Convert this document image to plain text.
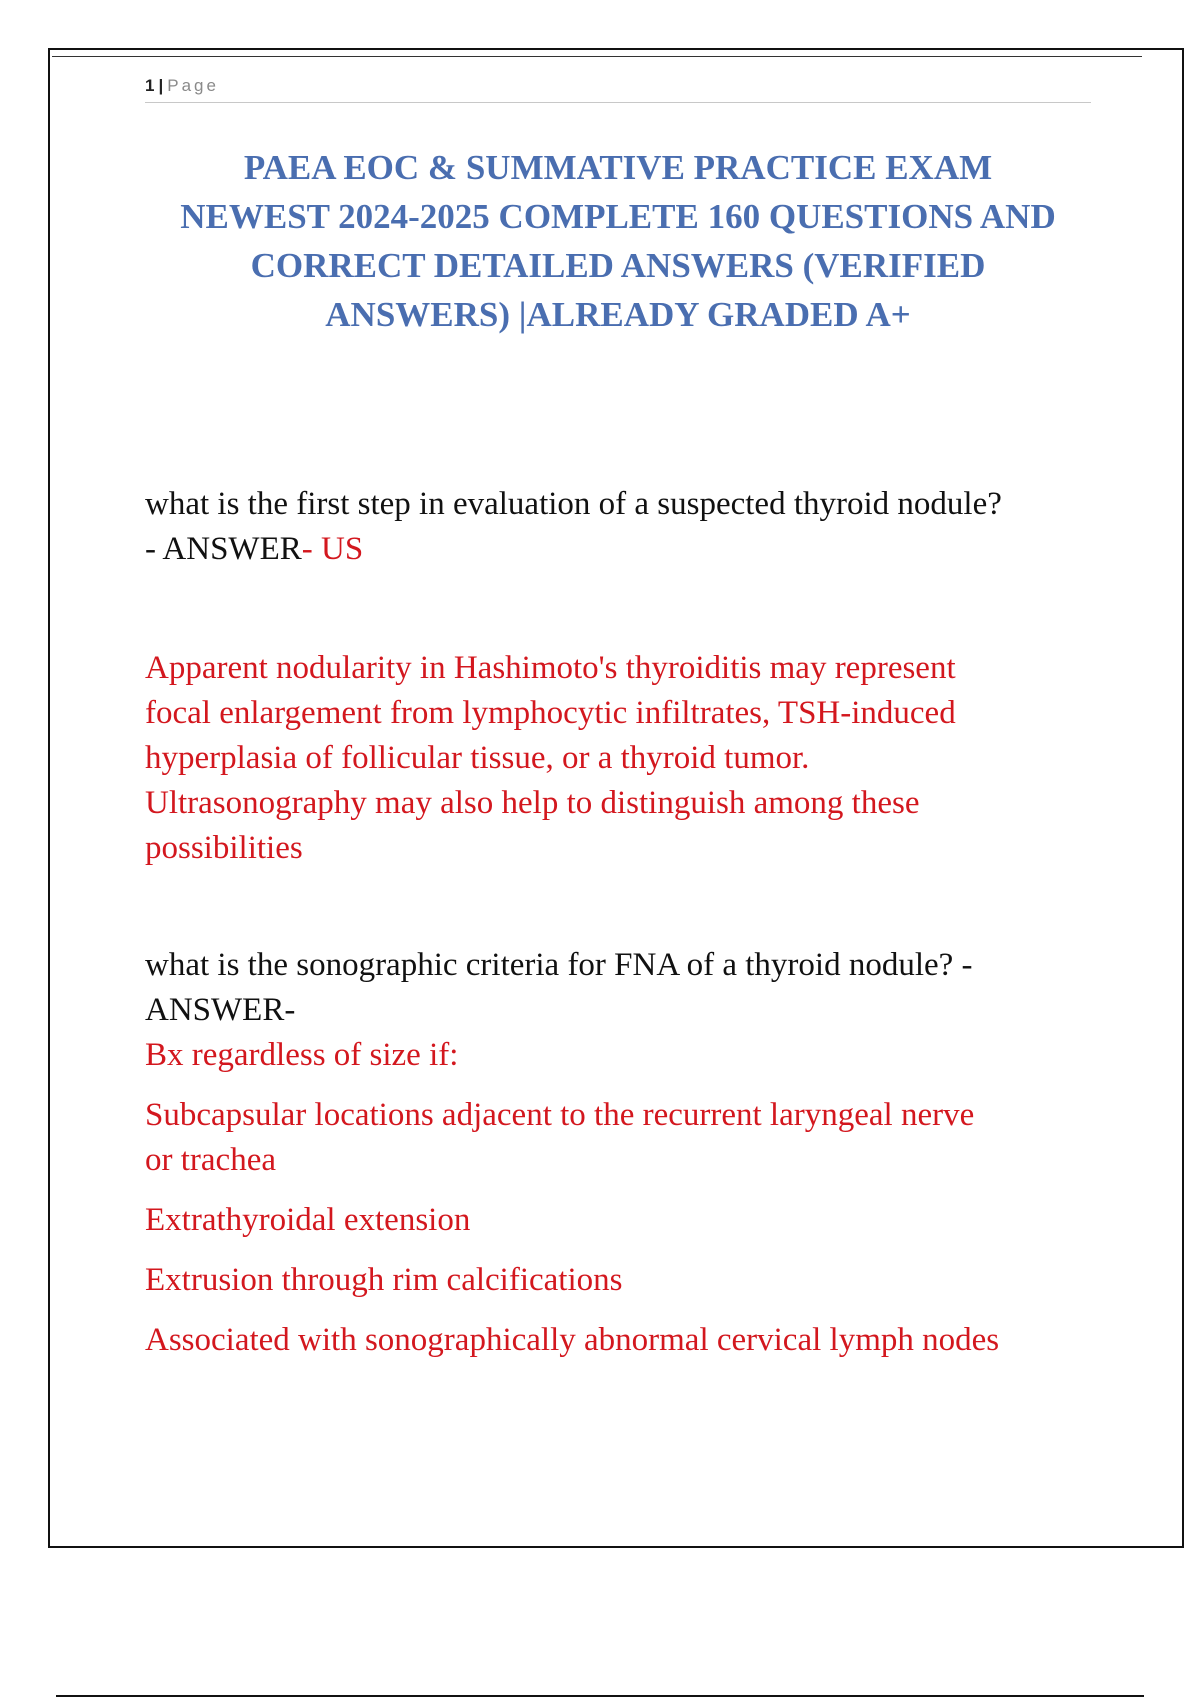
1 | Page
PAEA EOC & SUMMATIVE PRACTICE EXAM
NEWEST 2024-2025 COMPLETE 160 QUESTIONS AND
CORRECT DETAILED ANSWERS (VERIFIED
ANSWERS) |ALREADY GRADED A+

what is the first step in evaluation of a suspected thyroid nodule?
- ANSWER- US

Apparent nodularity in Hashimoto's thyroiditis may represent
focal enlargement from lymphocytic infiltrates, TSH-induced
hyperplasia of follicular tissue, or a thyroid tumor.
Ultrasonography may also help to distinguish among these
possibilities

what is the sonographic criteria for FNA of a thyroid nodule? -
ANSWER-
Bx regardless of size if:

Subcapsular locations adjacent to the recurrent laryngeal nerve
or trachea

Extrathyroidal extension

Extrusion through rim calcifications

Associated with sonographically abnormal cervical lymph nodes
